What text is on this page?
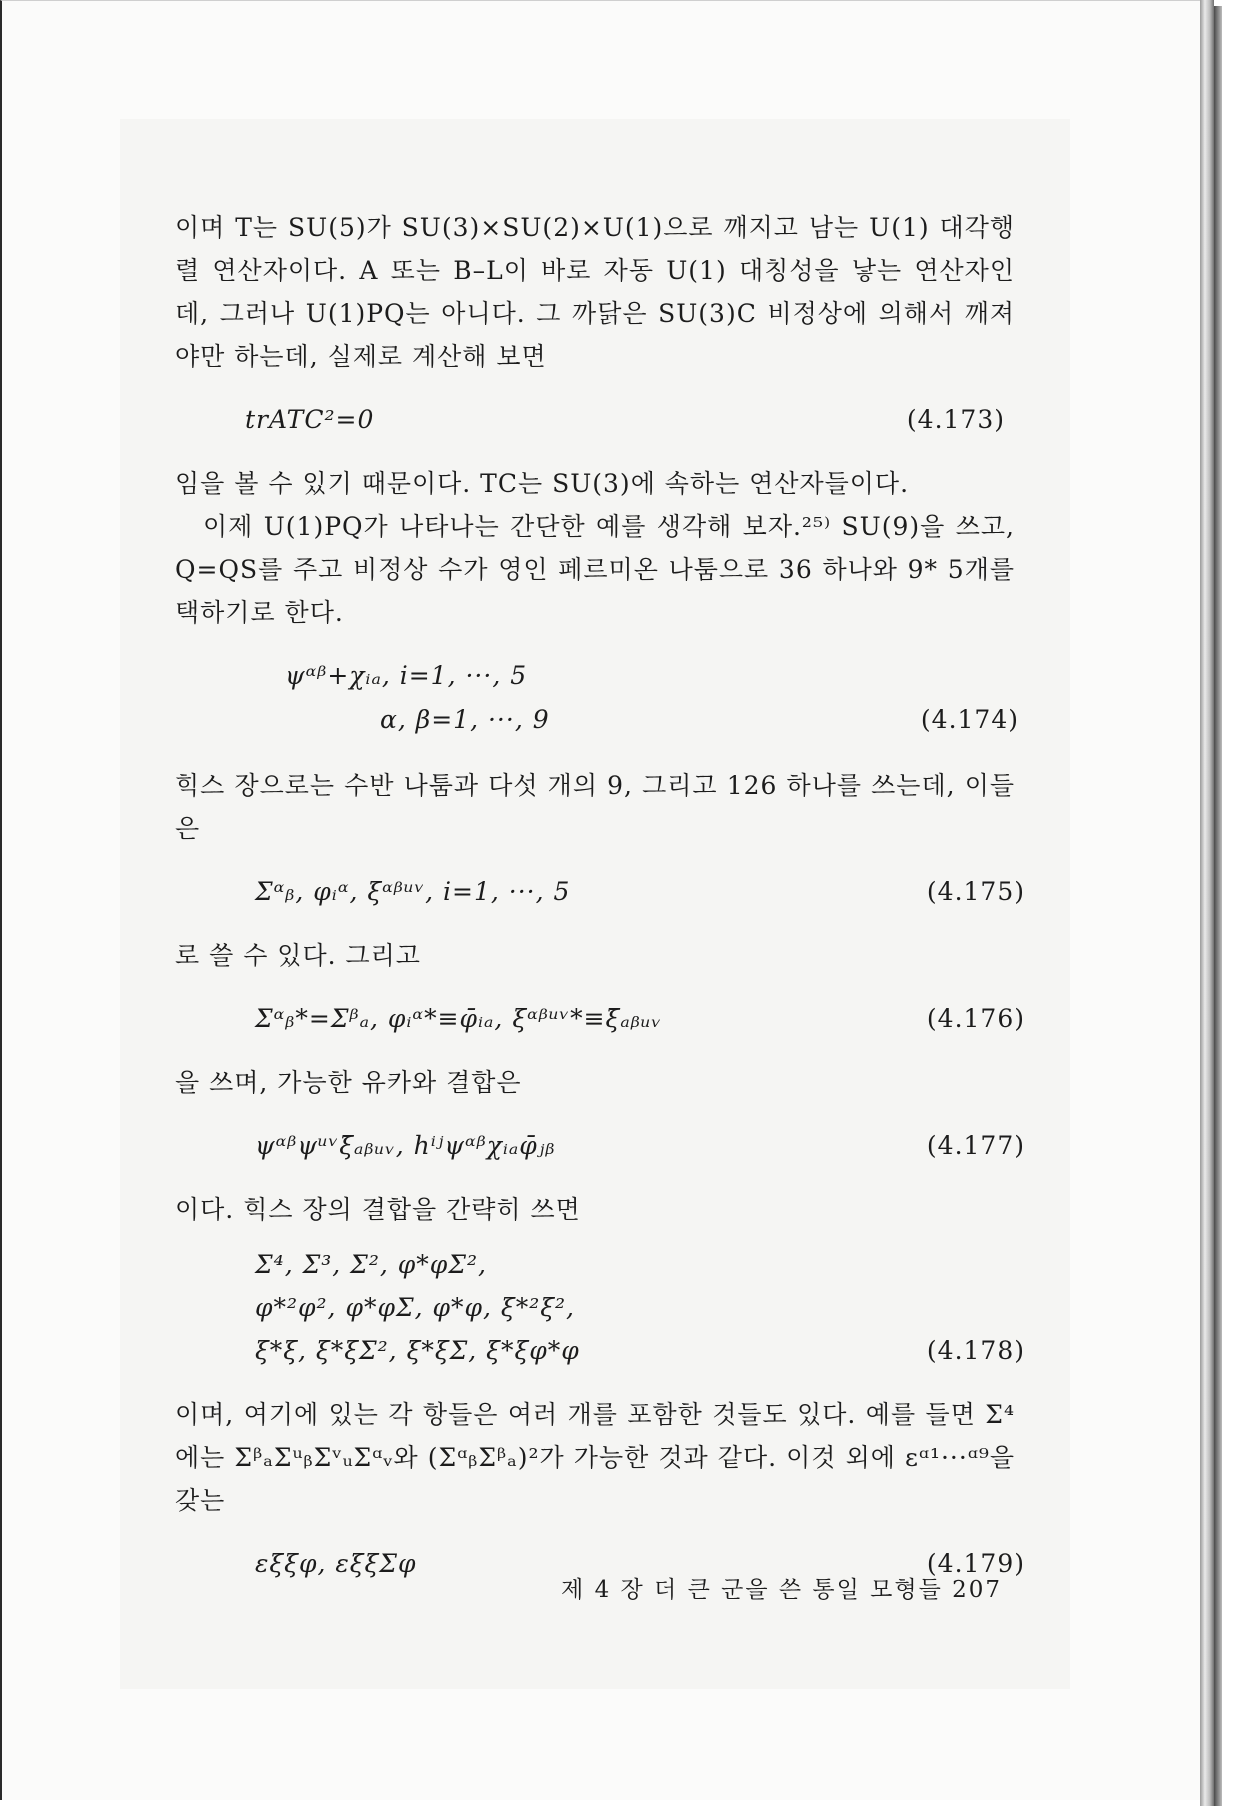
이며 T는 SU(5)가 SU(3)×SU(2)×U(1)으로 깨지고 남는 U(1) 대각행렬 연산자이다. A 또는 B–L이 바로 자동 U(1) 대칭성을 낳는 연산자인데, 그러나 U(1)PQ는 아니다. 그 까닭은 SU(3)C 비정상에 의해서 깨져야만 하는데, 실제로 계산해 보면

trATC²=0	(4.173)

임을 볼 수 있기 때문이다. TC는 SU(3)에 속하는 연산자들이다.

이제 U(1)PQ가 나타나는 간단한 예를 생각해 보자.²⁵⁾ SU(9)을 쓰고, Q=QS를 주고 비정상 수가 영인 페르미온 나툼으로 36 하나와 9* 5개를 택하기로 한다.

ψᵅᵝ+χᵢₐ, i=1, ···, 5
α, β=1, ···, 9	(4.174)

힉스 장으로는 수반 나툼과 다섯 개의 9, 그리고 126 하나를 쓰는데, 이들은

Σᵅᵦ, φᵢᵅ, ξᵅᵝᵘᵛ, i=1, ···, 5	(4.175)

로 쓸 수 있다. 그리고

Σᵅᵦ*=Σᵝₐ, φᵢᵅ*≡φ̄ᵢₐ, ξᵅᵝᵘᵛ*≡ξ̄ₐᵦᵤᵥ	(4.176)

을 쓰며, 가능한 유카와 결합은

ψᵅᵝψᵘᵛξ̄ₐᵦᵤᵥ, hⁱʲψᵅᵝχᵢₐφ̄ⱼᵦ	(4.177)

이다. 힉스 장의 결합을 간략히 쓰면

Σ⁴, Σ³, Σ², φ*φΣ²,
φ*²φ², φ*φΣ, φ*φ, ξ*²ξ²,
ξ*ξ, ξ*ξΣ², ξ*ξΣ, ξ*ξφ*φ	(4.178)

이며, 여기에 있는 각 항들은 여러 개를 포함한 것들도 있다. 예를 들면 Σ⁴에는 ΣᵝₐΣᵘᵦΣᵛᵤΣᵅᵥ와 (ΣᵅᵦΣᵝₐ)²가 가능한 것과 같다. 이것 외에 εᵅ¹···ᵅ⁹을 갖는

εξξφ, εξξΣφ	(4.179)
제 4 장 더 큰 군을 쓴 통일 모형들 207
